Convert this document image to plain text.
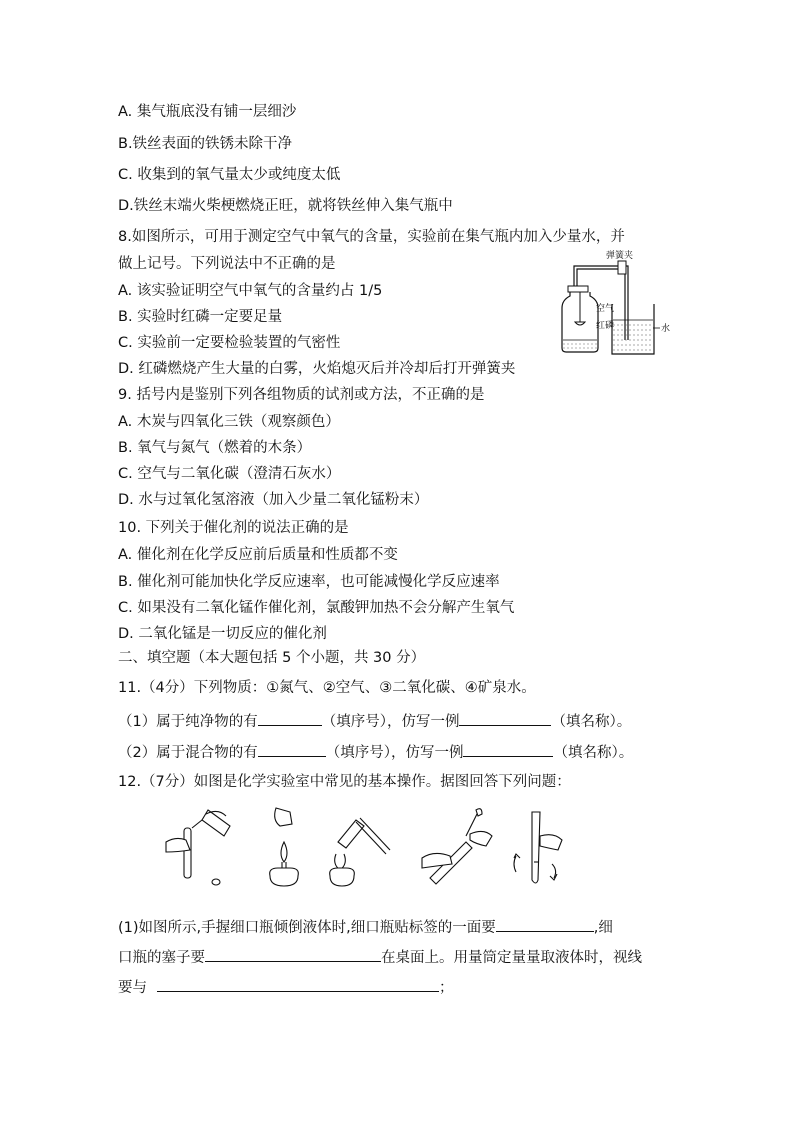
A. 集气瓶底没有铺一层细沙
B.铁丝表面的铁锈未除干净
C. 收集到的氧气量太少或纯度太低
D.铁丝末端火柴梗燃烧正旺，就将铁丝伸入集气瓶中
8.如图所示，可用于测定空气中氧气的含量，实验前在集气瓶内加入少量水，并
做上记号。下列说法中不正确的是
A. 该实验证明空气中氧气的含量约占 1/5
B. 实验时红磷一定要足量
C. 实验前一定要检验装置的气密性
D. 红磷燃烧产生大量的白雾，火焰熄灭后并冷却后打开弹簧夹
弹簧夹
空气
红磷	水
9. 括号内是鉴别下列各组物质的试剂或方法，不正确的是
A. 木炭与四氧化三铁（观察颜色）
B. 氧气与氮气（燃着的木条）
C. 空气与二氧化碳（澄清石灰水）
D. 水与过氧化氢溶液（加入少量二氧化锰粉末）
10. 下列关于催化剂的说法正确的是
A. 催化剂在化学反应前后质量和性质都不变
B. 催化剂可能加快化学反应速率，也可能减慢化学反应速率
C. 如果没有二氧化锰作催化剂，氯酸钾加热不会分解产生氧气
D. 二氧化锰是一切反应的催化剂
二、填空题（本大题包括 5 个小题，共 30 分）
11.（4分）下列物质：①氮气、②空气、③二氧化碳、④矿泉水。
（1）属于纯净物的有	（填序号），仿写一例	（填名称）。
（2）属于混合物的有	（填序号），仿写一例	（填名称）。
12.（7分）如图是化学实验室中常见的基本操作。据图回答下列问题：
(1)如图所示,手握细口瓶倾倒液体时,细口瓶贴标签的一面要	,细
口瓶的塞子要	在桌面上。用量筒定量量取液体时，视线
要与	；
